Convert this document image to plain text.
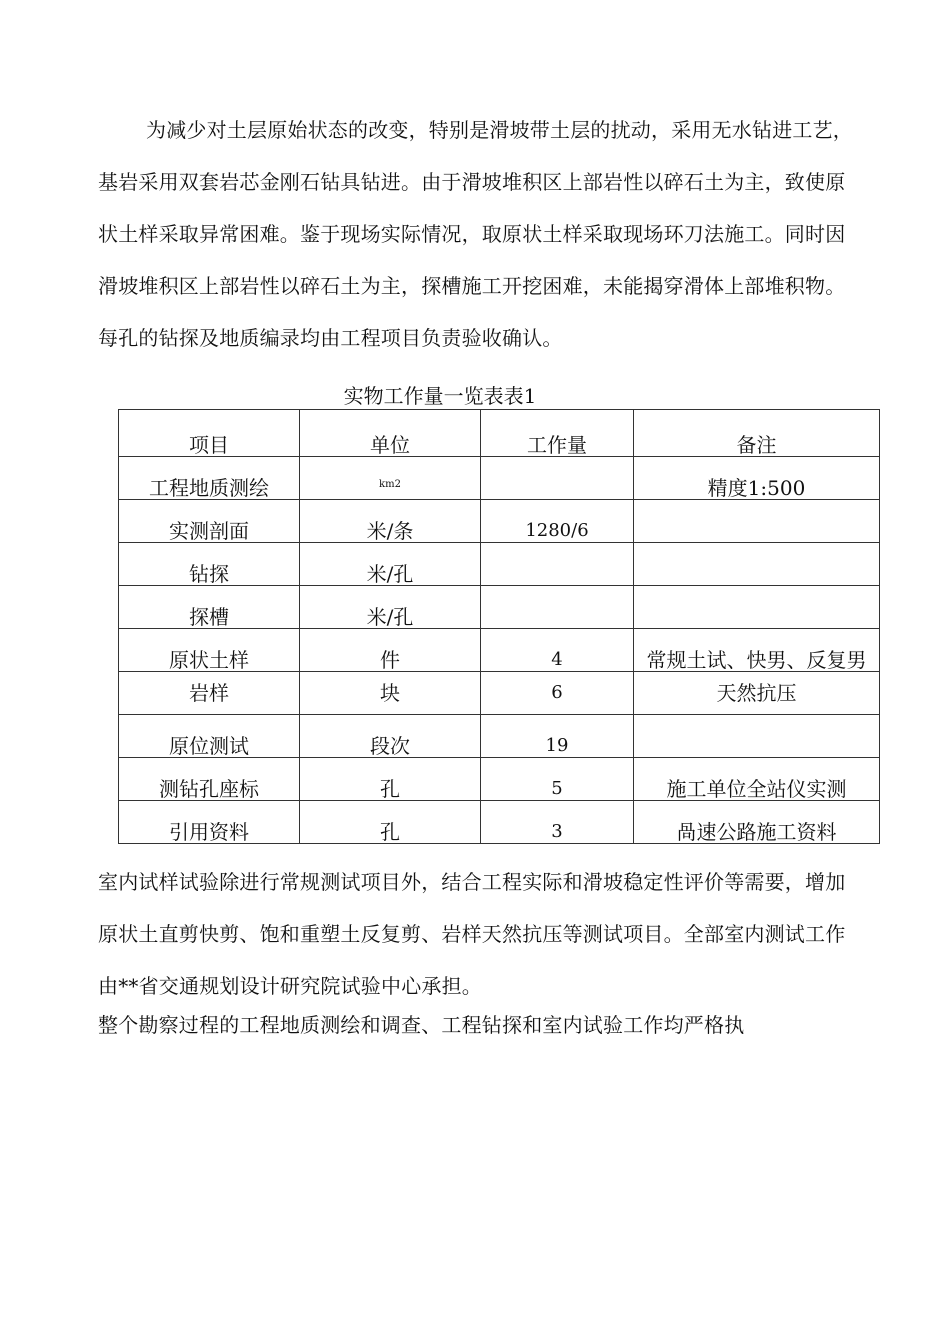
为减少对土层原始状态的改变，特别是滑坡带土层的扰动，采用无水钻进工艺，
基岩采用双套岩芯金刚石钻具钻进。由于滑坡堆积区上部岩性以碎石土为主，致使原
状土样采取异常困难。鉴于现场实际情况，取原状土样采取现场环刀法施工。同时因
滑坡堆积区上部岩性以碎石土为主，探槽施工开挖困难，未能揭穿滑体上部堆积物。
每孔的钻探及地质编录均由工程项目负责验收确认。
实物工作量一览表表1
项目	单位	工作量	备注
工程地质测绘	$^{km2}$		精度1:500
实测剖面	米/条	1280/6	
钻探	米/孔		
探槽	米/孔		
原状土样	件	4	常规土试、快男、反复男

岩样	块	6	天然抗压
原位测试	段次	19	
测钻孔座标	孔	5	施工单位全站仪实测
引用资料	孔	3	咼速公路施工资料
室内试样试验除进行常规测试项目外，结合工程实际和滑坡稳定性评价等需要，增加
原状土直剪快剪、饱和重塑土反复剪、岩样天然抗压等测试项目。全部室内测试工作
由**省交通规划设计研究院试验中心承担。
整个勘察过程的工程地质测绘和调查、工程钻探和室内试验工作均严格执
